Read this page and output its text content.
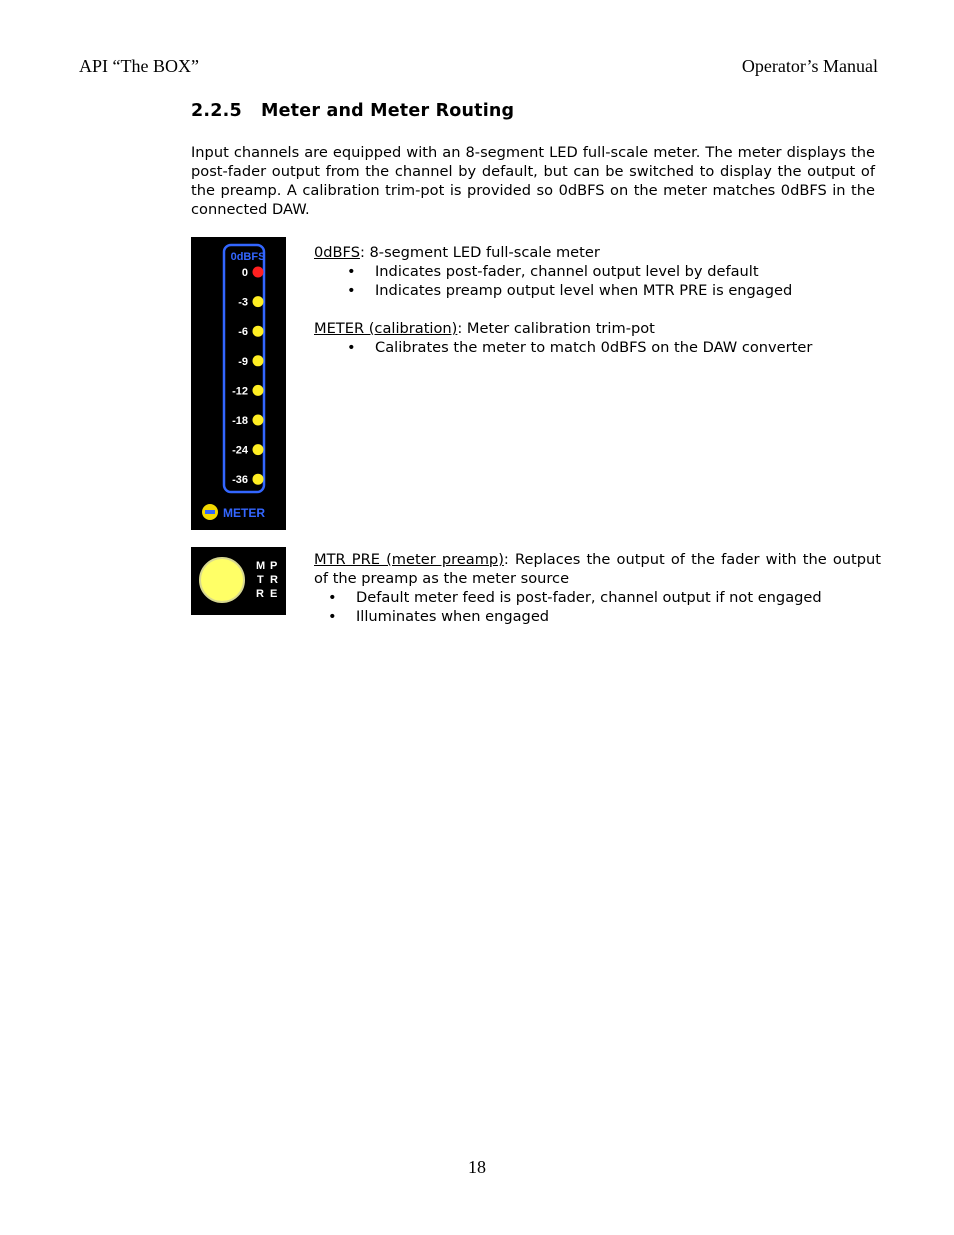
API “The BOX”	Operator’s Manual
2.2.5 Meter and Meter Routing

Input channels are equipped with an 8-segment LED full-scale meter. The meter displays the post-fader output from the channel by default, but can be switched to display the output of the preamp. A calibration trim-pot is provided so 0dBFS on the meter matches 0dBFS in the connected DAW.

0dBFS
0
-3
-6
-9
-12
-18
-24
-36
METER
M P
T R
R E

0dBFS: 8-segment LED full-scale meter

• Indicates post-fader, channel output level by default
• Indicates preamp output level when MTR PRE is engaged

METER (calibration): Meter calibration trim-pot

• Calibrates the meter to match 0dBFS on the DAW converter

MTR PRE (meter preamp): Replaces the output of the fader with the output of the preamp as the meter source

• Default meter feed is post-fader, channel output if not engaged
• Illuminates when engaged
18
